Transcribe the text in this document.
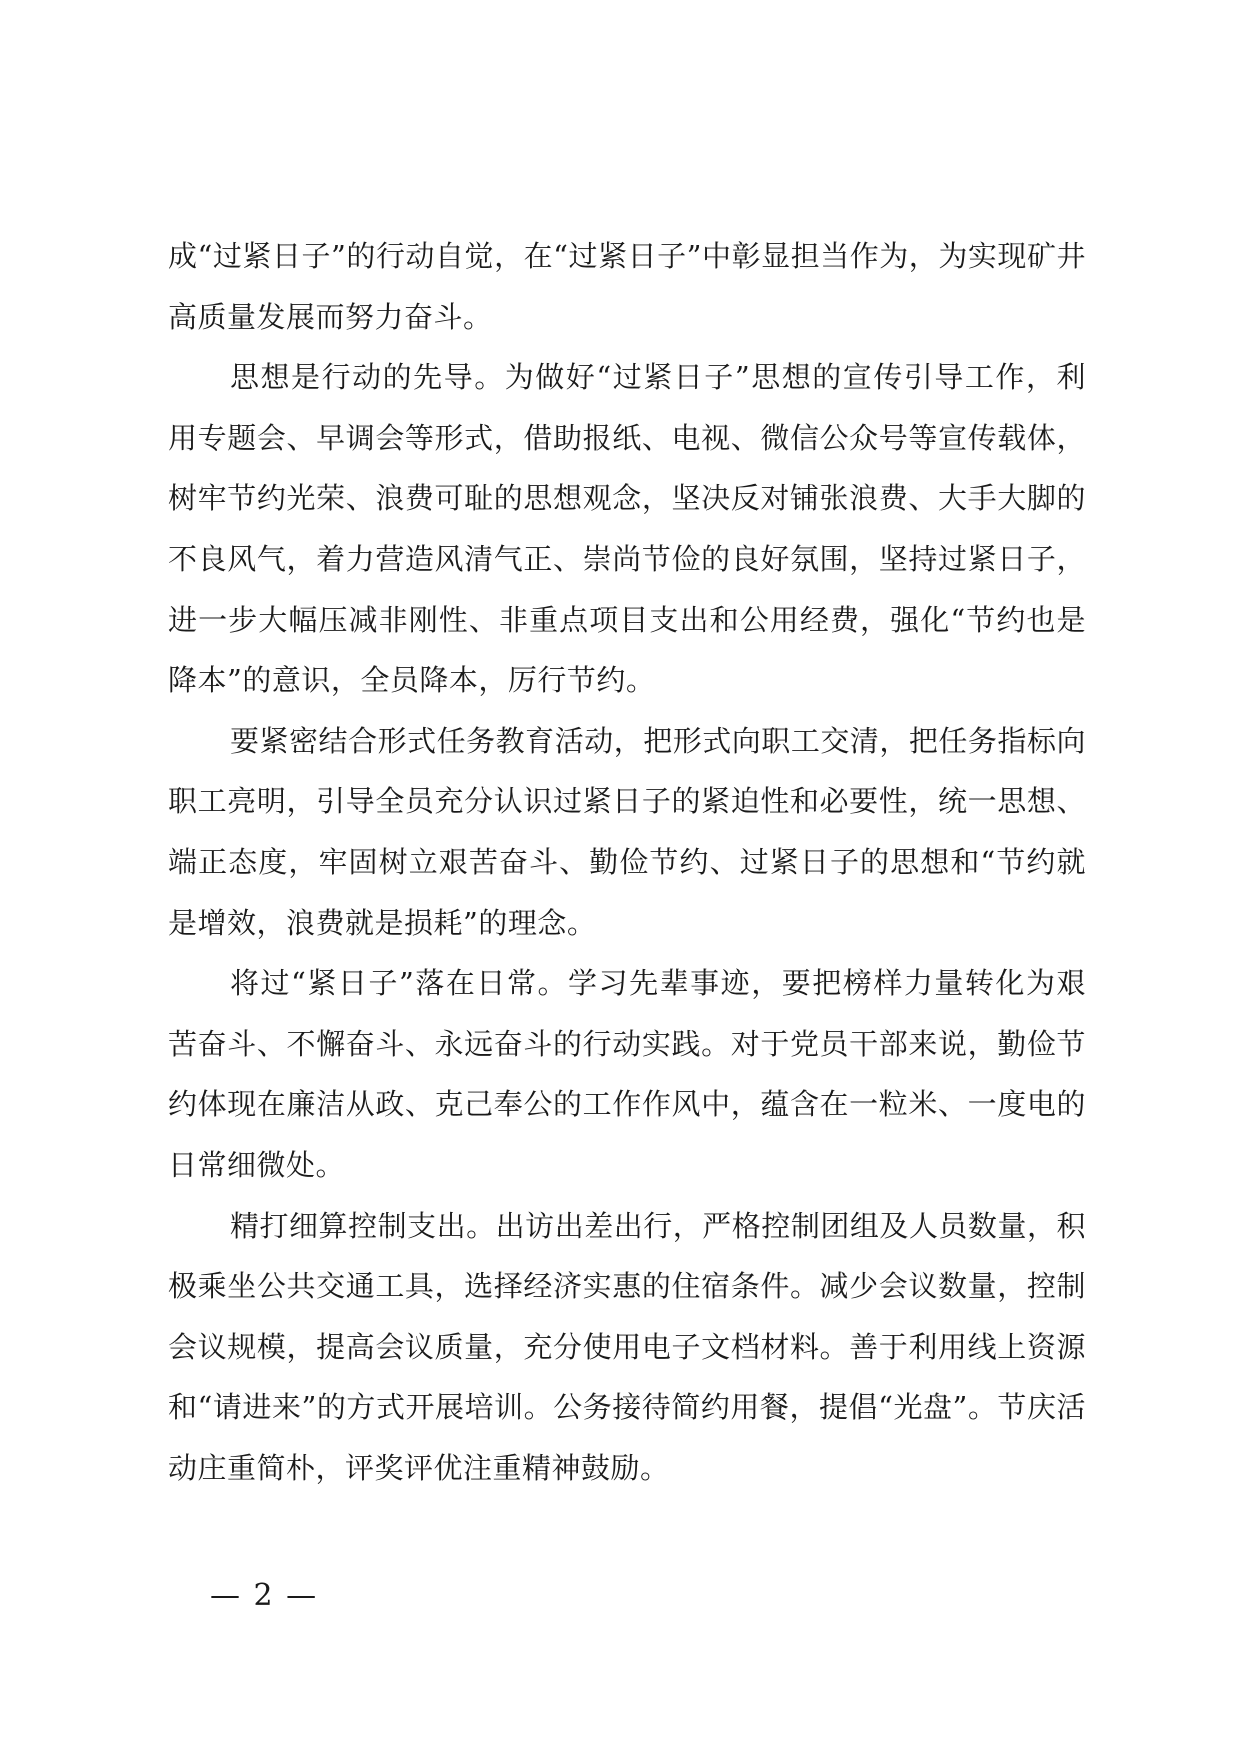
成“过紧日子”的行动自觉，在“过紧日子”中彰显担当作为，为实现矿井高质量发展而努力奋斗。

思想是行动的先导。为做好“过紧日子”思想的宣传引导工作，利用专题会、早调会等形式，借助报纸、电视、微信公众号等宣传载体，树牢节约光荣、浪费可耻的思想观念，坚决反对铺张浪费、大手大脚的不良风气，着力营造风清气正、崇尚节俭的良好氛围，坚持过紧日子，进一步大幅压减非刚性、非重点项目支出和公用经费，强化“节约也是降本”的意识，全员降本，厉行节约。

要紧密结合形式任务教育活动，把形式向职工交清，把任务指标向职工亮明，引导全员充分认识过紧日子的紧迫性和必要性，统一思想、端正态度，牢固树立艰苦奋斗、勤俭节约、过紧日子的思想和“节约就是增效，浪费就是损耗”的理念。

将过“紧日子”落在日常。学习先辈事迹，要把榜样力量转化为艰苦奋斗、不懈奋斗、永远奋斗的行动实践。对于党员干部来说，勤俭节约体现在廉洁从政、克己奉公的工作作风中，蕴含在一粒米、一度电的日常细微处。

精打细算控制支出。出访出差出行，严格控制团组及人员数量，积极乘坐公共交通工具，选择经济实惠的住宿条件。减少会议数量，控制会议规模，提高会议质量，充分使用电子文档材料。善于利用线上资源和“请进来”的方式开展培训。公务接待简约用餐，提倡“光盘”。节庆活动庄重简朴，评奖评优注重精神鼓励。

— 2 —
